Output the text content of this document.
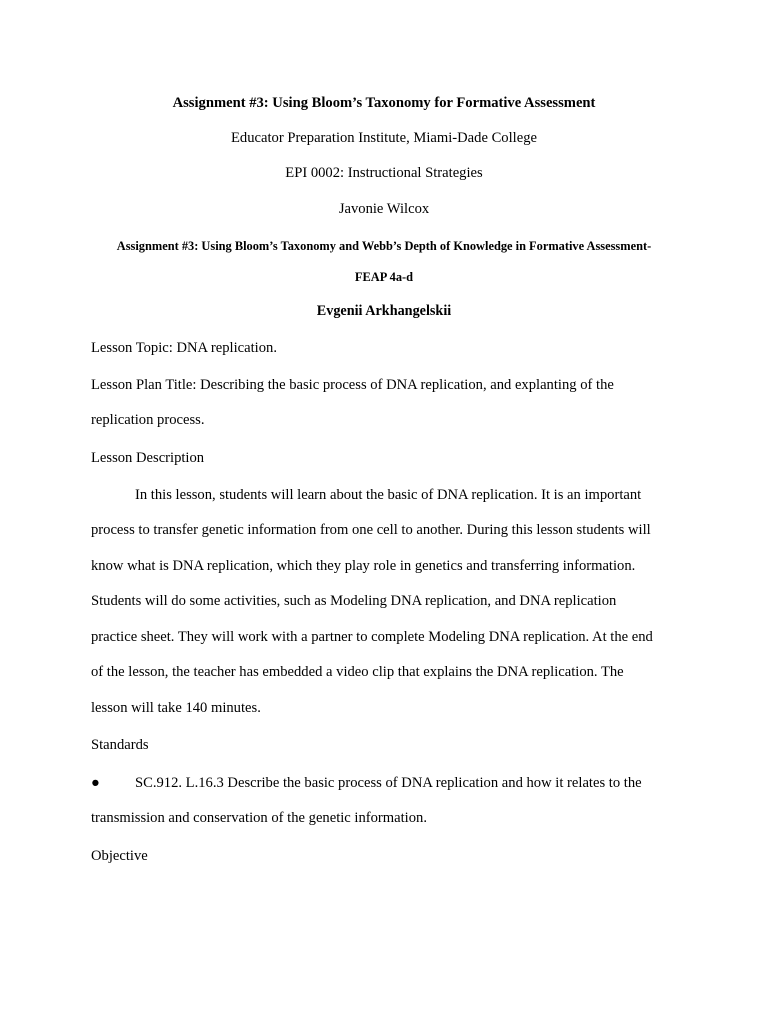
Assignment #3: Using Bloom’s Taxonomy for Formative Assessment
Educator Preparation Institute, Miami-Dade College
EPI 0002: Instructional Strategies
Javonie Wilcox
Assignment #3: Using Bloom’s Taxonomy and Webb’s Depth of Knowledge in Formative Assessment-
FEAP 4a-d
Evgenii Arkhangelskii
Lesson Topic: DNA replication.
Lesson Plan Title: Describing the basic process of DNA replication, and explanting of the
replication process.
Lesson Description
In this lesson, students will learn about the basic of DNA replication. It is an important
process to transfer genetic information from one cell to another. During this lesson students will
know what is DNA replication, which they play role in genetics and transferring information.
Students will do some activities, such as Modeling DNA replication, and DNA replication
practice sheet. They will work with a partner to complete Modeling DNA replication. At the end
of the lesson, the teacher has embedded a video clip that explains the DNA replication. The
lesson will take 140 minutes.
Standards
● SC.912. L.16.3 Describe the basic process of DNA replication and how it relates to the
transmission and conservation of the genetic information.
Objective
